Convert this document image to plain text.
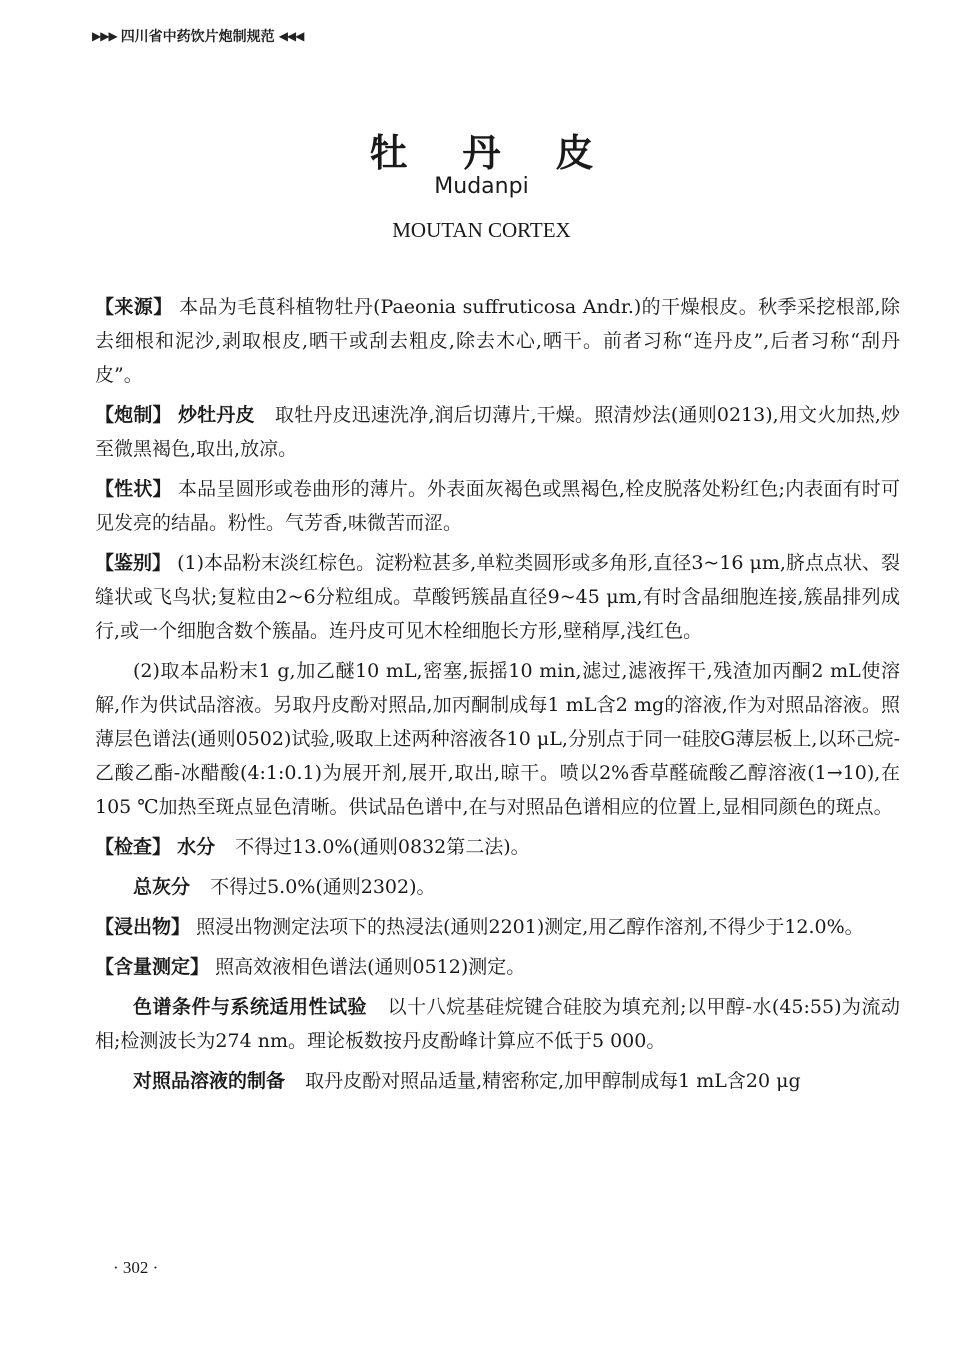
▶▶▶ 四川省中药饮片炮制规范 ◀◀◀
牡 丹 皮
Mudanpi
MOUTAN CORTEX

【来源】 本品为毛茛科植物牡丹(Paeonia suffruticosa Andr.)的干燥根皮。秋季采挖根部,除去细根和泥沙,剥取根皮,晒干或刮去粗皮,除去木心,晒干。前者习称“连丹皮”,后者习称“刮丹皮”。

【炮制】 炒牡丹皮 取牡丹皮迅速洗净,润后切薄片,干燥。照清炒法(通则0213),用文火加热,炒至微黑褐色,取出,放凉。

【性状】 本品呈圆形或卷曲形的薄片。外表面灰褐色或黑褐色,栓皮脱落处粉红色;内表面有时可见发亮的结晶。粉性。气芳香,味微苦而涩。

【鉴别】 (1)本品粉末淡红棕色。淀粉粒甚多,单粒类圆形或多角形,直径3~16 μm,脐点点状、裂缝状或飞鸟状;复粒由2~6分粒组成。草酸钙簇晶直径9~45 μm,有时含晶细胞连接,簇晶排列成行,或一个细胞含数个簇晶。连丹皮可见木栓细胞长方形,壁稍厚,浅红色。

(2)取本品粉末1 g,加乙醚10 mL,密塞,振摇10 min,滤过,滤液挥干,残渣加丙酮2 mL使溶解,作为供试品溶液。另取丹皮酚对照品,加丙酮制成每1 mL含2 mg的溶液,作为对照品溶液。照薄层色谱法(通则0502)试验,吸取上述两种溶液各10 μL,分别点于同一硅胶G薄层板上,以环己烷-乙酸乙酯-冰醋酸(4:1:0.1)为展开剂,展开,取出,晾干。喷以2%香草醛硫酸乙醇溶液(1→10),在105 ℃加热至斑点显色清晰。供试品色谱中,在与对照品色谱相应的位置上,显相同颜色的斑点。

【检查】 水分 不得过13.0%(通则0832第二法)。

总灰分 不得过5.0%(通则2302)。

【浸出物】 照浸出物测定法项下的热浸法(通则2201)测定,用乙醇作溶剂,不得少于12.0%。

【含量测定】 照高效液相色谱法(通则0512)测定。

色谱条件与系统适用性试验 以十八烷基硅烷键合硅胶为填充剂;以甲醇-水(45:55)为流动相;检测波长为274 nm。理论板数按丹皮酚峰计算应不低于5 000。

对照品溶液的制备 取丹皮酚对照品适量,精密称定,加甲醇制成每1 mL含20 μg

· 302 ·
